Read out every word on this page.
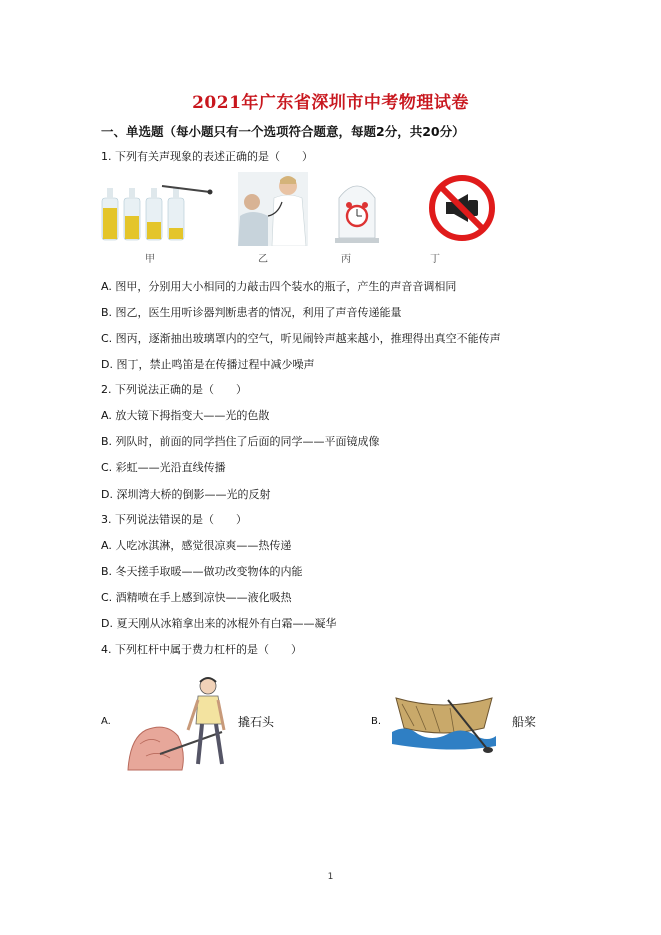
2021年广东省深圳市中考物理试卷
一、单选题（每小题只有一个选项符合题意，每题2分，共20分）
1. 下列有关声现象的表述正确的是（　　）
甲	乙	丙	丁
A. 图甲，分别用大小相同的力敲击四个装水的瓶子，产生的声音音调相同
B. 图乙，医生用听诊器判断患者的情况，利用了声音传递能量
C. 图丙，逐渐抽出玻璃罩内的空气，听见闹铃声越来越小，推理得出真空不能传声
D. 图丁，禁止鸣笛是在传播过程中减少噪声
2. 下列说法正确的是（　　）
A. 放大镜下拇指变大——光的色散
B. 列队时，前面的同学挡住了后面的同学——平面镜成像
C. 彩虹——光沿直线传播
D. 深圳湾大桥的倒影——光的反射
3. 下列说法错误的是（　　）
A. 人吃冰淇淋，感觉很凉爽——热传递
B. 冬天搓手取暖——做功改变物体的内能
C. 酒精喷在手上感到凉快——液化吸热
D. 夏天刚从冰箱拿出来的冰棍外有白霜——凝华
4. 下列杠杆中属于费力杠杆的是（　　）
A.	撬石头	B.	船桨
1
